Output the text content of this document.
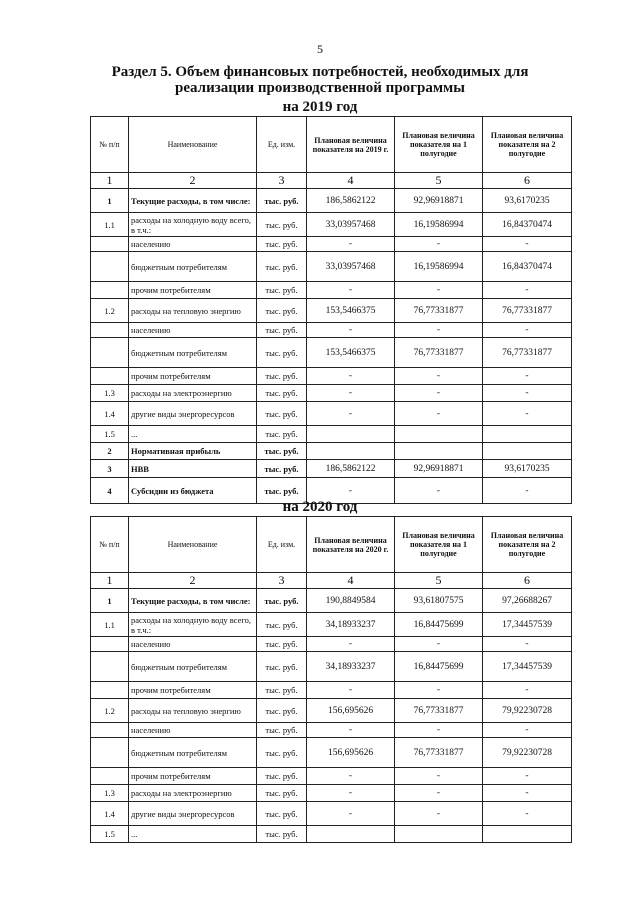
5
Раздел 5. Объем финансовых потребностей, необходимых для реализации производственной программы
на 2019 год
№ п/п	Наименование	Ед. изм.	Плановая величина показателя на 2019 г.	Плановая величина показателя на 1 полугодие	Плановая величина показателя на 2 полугодие
1	2	3	4	5	6
1	Текущие расходы, в том числе:	тыс. руб.	186,5862122	92,96918871	93,6170235
1.1	расходы на холодную воду всего, в т.ч.:	тыс. руб.	33,03957468	16,19586994	16,84370474
	населению	тыс. руб.	-	-	-
	бюджетным потребителям	тыс. руб.	33,03957468	16,19586994	16,84370474
	прочим потребителям	тыс. руб.	-	-	-
1.2	расходы на тепловую энергию	тыс. руб.	153,5466375	76,77331877	76,77331877
	населению	тыс. руб.	-	-	-
	бюджетным потребителям	тыс. руб.	153,5466375	76,77331877	76,77331877
	прочим потребителям	тыс. руб.	-	-	-
1.3	расходы на электроэнергию	тыс. руб.	-	-	-
1.4	другие виды энергоресурсов	тыс. руб.	-	-	-
1.5	...	тыс. руб.			
2	Нормативная прибыль	тыс. руб.			
3	НВВ	тыс. руб.	186,5862122	92,96918871	93,6170235
4	Субсидии из бюджета	тыс. руб.	-	-	-
на 2020 год
№ п/п	Наименование	Ед. изм.	Плановая величина показателя на 2020 г.	Плановая величина показателя на 1 полугодие	Плановая величина показателя на 2 полугодие
1	2	3	4	5	6
1	Текущие расходы, в том числе:	тыс. руб.	190,8849584	93,61807575	97,26688267
1.1	расходы на холодную воду всего, в т.ч.:	тыс. руб.	34,18933237	16,84475699	17,34457539
	населению	тыс. руб.	-	-	-
	бюджетным потребителям	тыс. руб.	34,18933237	16,84475699	17,34457539
	прочим потребителям	тыс. руб.	-	-	-
1.2	расходы на тепловую энергию	тыс. руб.	156,695626	76,77331877	79,92230728
	населению	тыс. руб.	-	-	-
	бюджетным потребителям	тыс. руб.	156,695626	76,77331877	79,92230728
	прочим потребителям	тыс. руб.	-	-	-
1.3	расходы на электроэнергию	тыс. руб.	-	-	-
1.4	другие виды энергоресурсов	тыс. руб.	-	-	-
1.5	...	тыс. руб.			
